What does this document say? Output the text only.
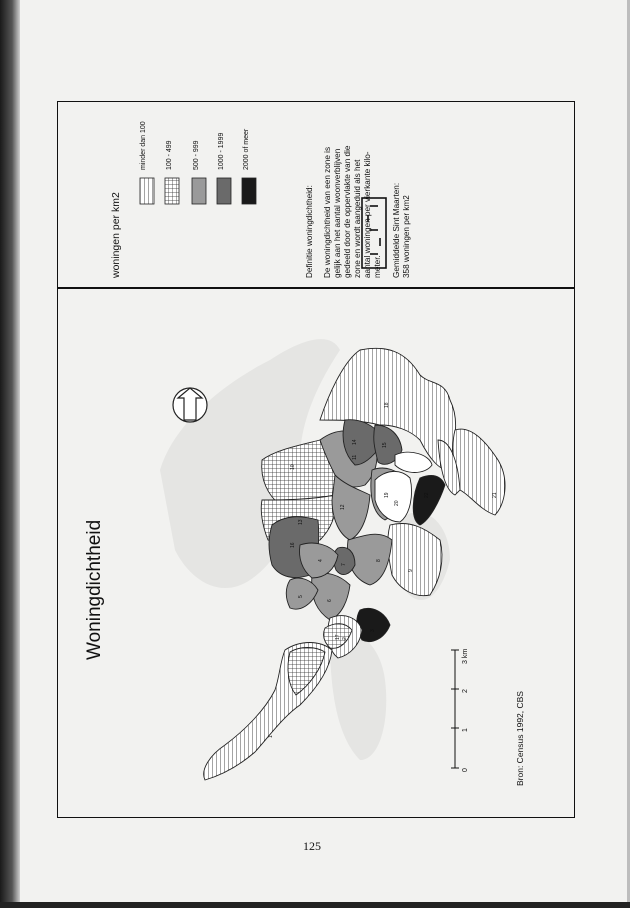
Woningdichtheid
Bron: Census 1992, CBS
woningen per km2
minder dan 100	100 - 499	500 - 999	1000 - 1999	2000 of meer
Definitie woningdichtheid: De woningdichtheid van een zone is gelijk aan het aantal woonverblijven gedeeld door de oppervlakte van die zone en wordt aangeduid als het aantal woningen per vierkante kilo- meter. Gemiddelde Sint Maarten: 358 woningen per km2
0
1
2
3 km
10
11
12
14
15
16
17
18
19
20
22
9
8
7
6
5
4
3
2
1
13
21
125
